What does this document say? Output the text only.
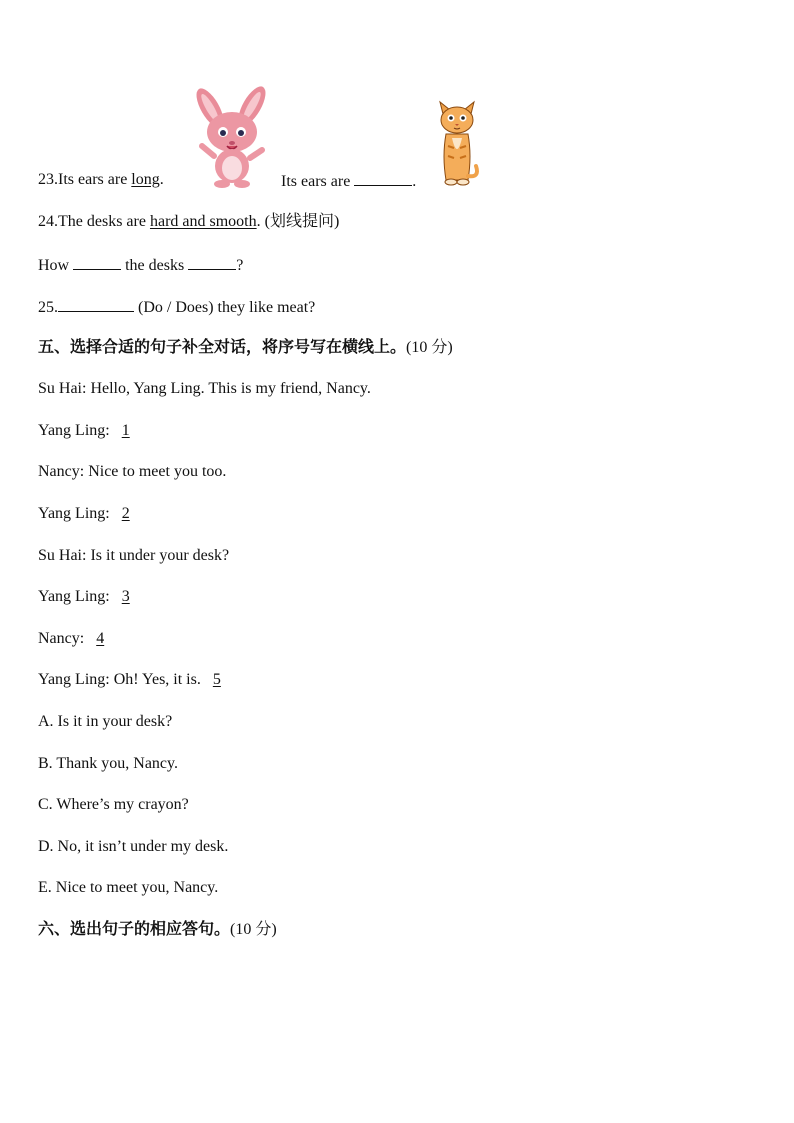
23.Its ears are long.	Its ears are	.
24.The desks are hard and smooth. (划线提问)
How	the desks	?
25.	(Do / Does) they like meat?
五、选择合适的句子补全对话，将序号写在横线上。(10 分)
Su Hai: Hello, Yang Ling. This is my friend, Nancy.
Yang Ling: 1
Nancy: Nice to meet you too.
Yang Ling: 2
Su Hai: Is it under your desk?
Yang Ling: 3
Nancy: 4
Yang Ling: Oh! Yes, it is. 5
A. Is it in your desk?
B. Thank you, Nancy.
C. Where’s my crayon?
D. No, it isn’t under my desk.
E. Nice to meet you, Nancy.
六、选出句子的相应答句。(10 分)
